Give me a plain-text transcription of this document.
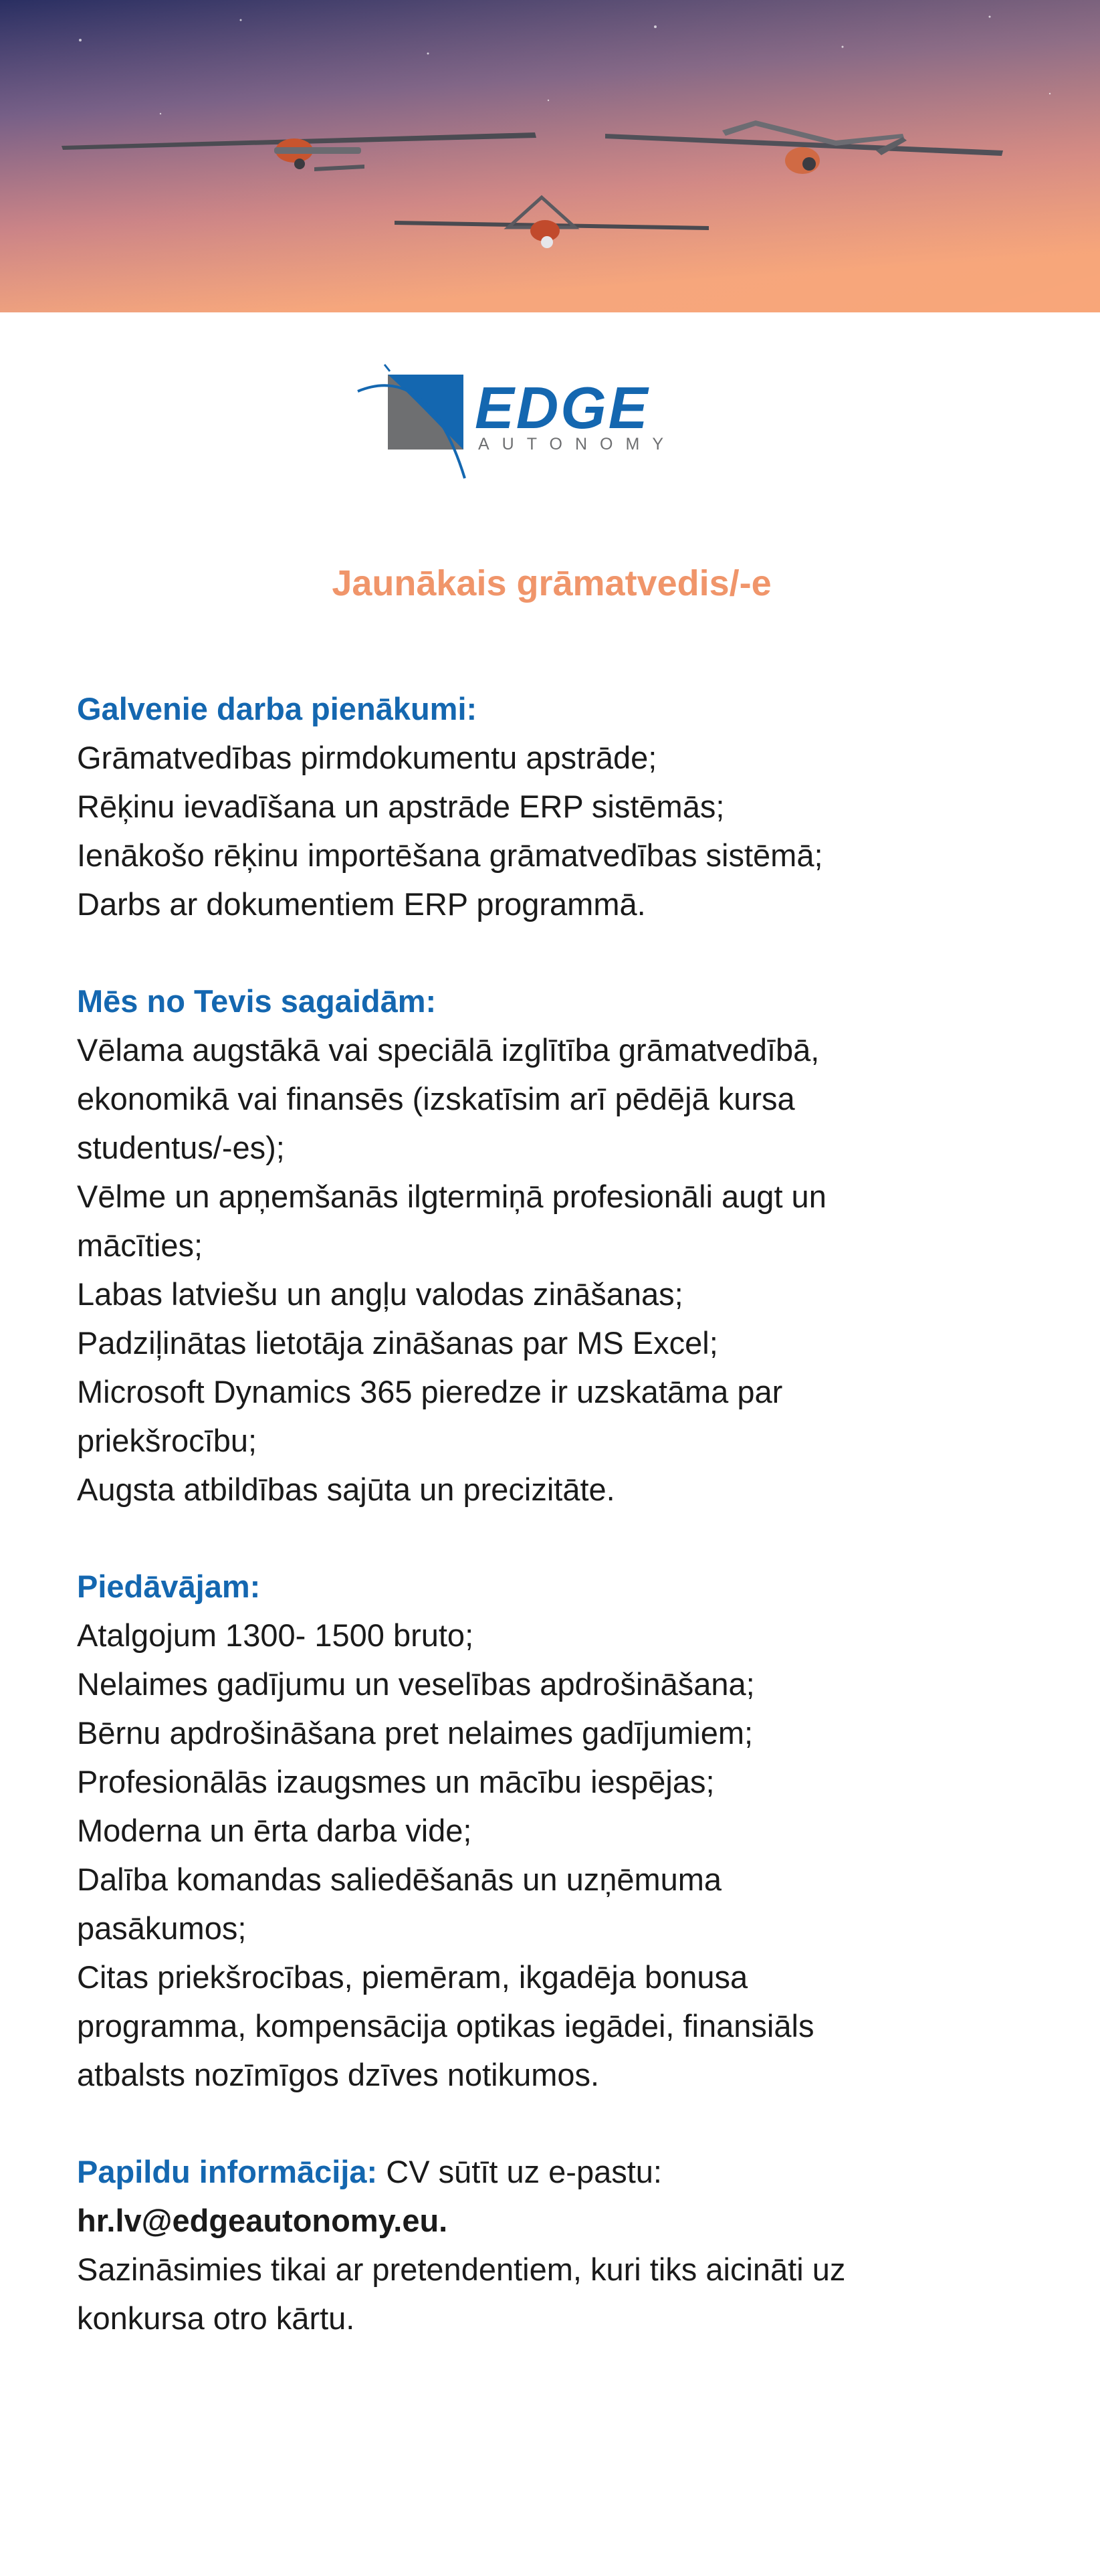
EDGE
AUTONOMY
Jaunākais grāmatvedis/-e

Galvenie darba pienākumi:

Grāmatvedības pirmdokumentu apstrāde;

Rēķinu ievadīšana un apstrāde ERP sistēmās;

Ienākošo rēķinu importēšana grāmatvedības sistēmā;

Darbs ar dokumentiem ERP programmā.

Mēs no Tevis sagaidām:

Vēlama augstākā vai speciālā izglītība grāmatvedībā,

ekonomikā vai finansēs (izskatīsim arī pēdējā kursa

studentus/-es);

Vēlme un apņemšanās ilgtermiņā profesionāli augt un

mācīties;

Labas latviešu un angļu valodas zināšanas;

Padziļinātas lietotāja zināšanas par MS Excel;

Microsoft Dynamics 365 pieredze ir uzskatāma par

priekšrocību;

Augsta atbildības sajūta un precizitāte.

Piedāvājam:

Atalgojum 1300- 1500 bruto;

Nelaimes gadījumu un veselības apdrošināšana;

Bērnu apdrošināšana pret nelaimes gadījumiem;

Profesionālās izaugsmes un mācību iespējas;

Moderna un ērta darba vide;

Dalība komandas saliedēšanās un uzņēmuma

pasākumos;

Citas priekšrocības, piemēram, ikgadēja bonusa

programma, kompensācija optikas iegādei, finansiāls

atbalsts nozīmīgos dzīves notikumos.

Papildu informācija: CV sūtīt uz e-pastu:

hr.lv@edgeautonomy.eu.

Sazināsimies tikai ar pretendentiem, kuri tiks aicināti uz

konkursa otro kārtu.
